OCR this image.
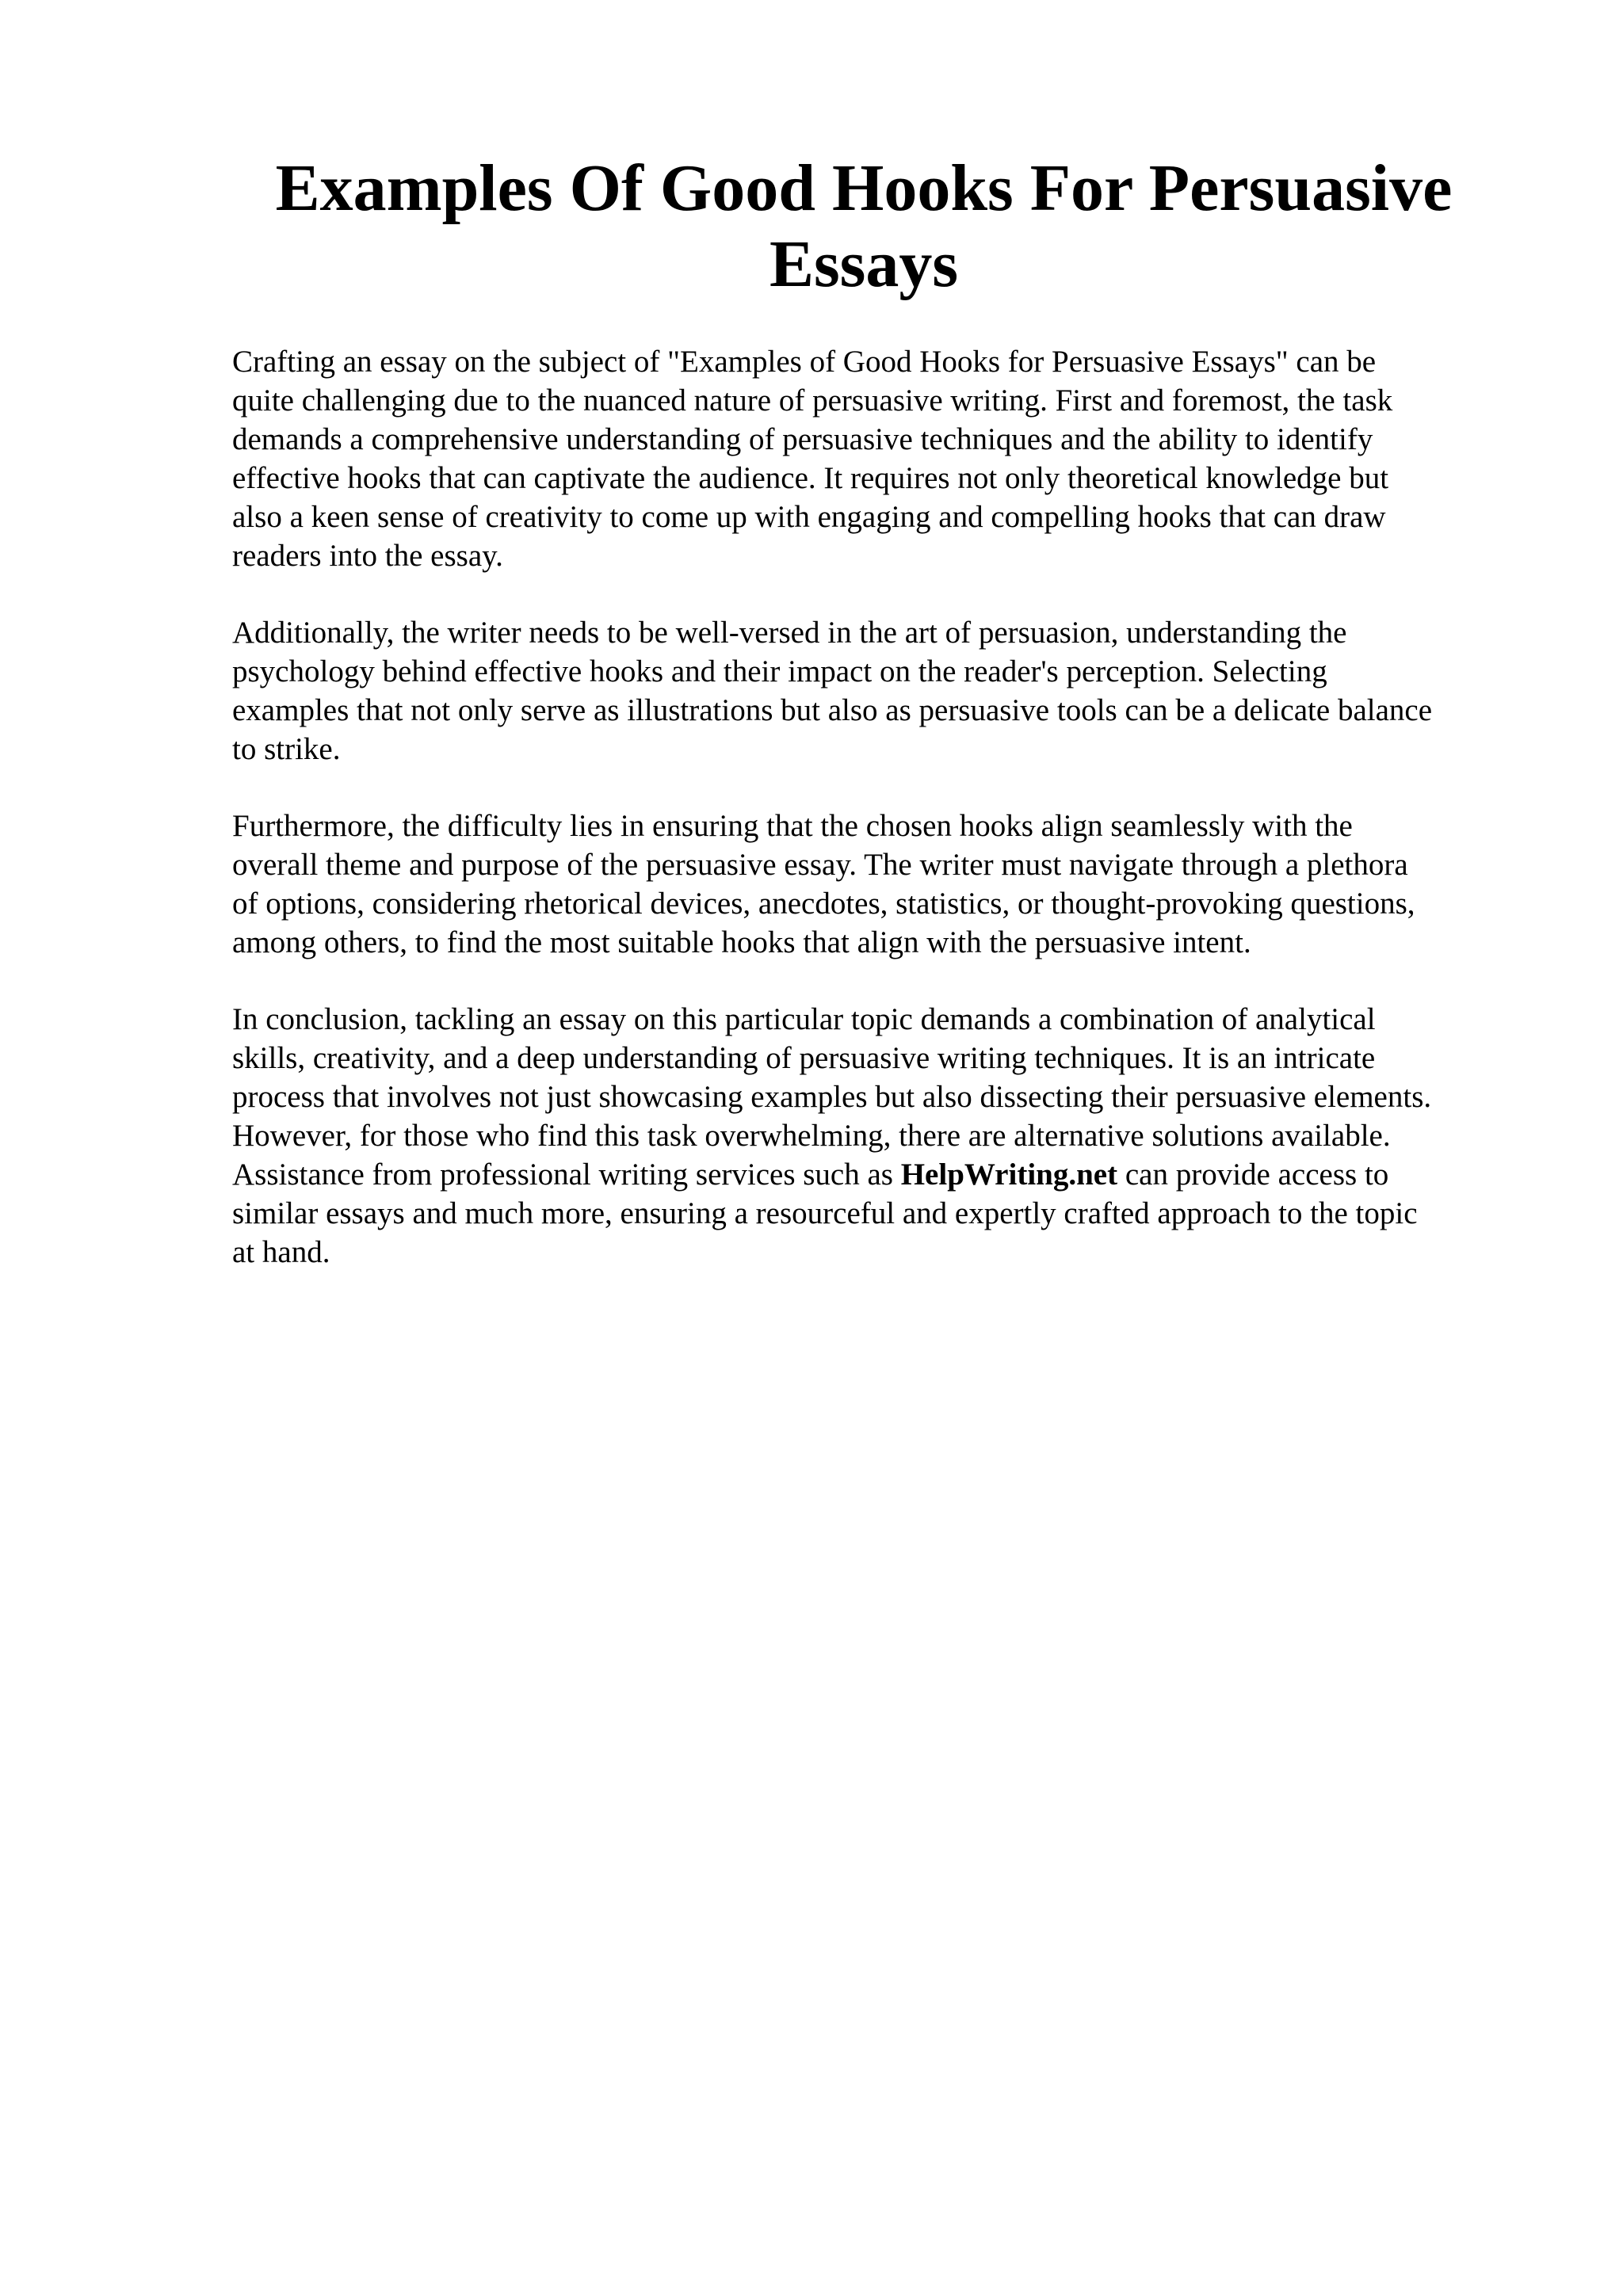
Examples Of Good Hooks For Persuasive
Essays

Crafting an essay on the subject of "Examples of Good Hooks for Persuasive Essays" can be
quite challenging due to the nuanced nature of persuasive writing. First and foremost, the task
demands a comprehensive understanding of persuasive techniques and the ability to identify
effective hooks that can captivate the audience. It requires not only theoretical knowledge but
also a keen sense of creativity to come up with engaging and compelling hooks that can draw
readers into the essay.

Additionally, the writer needs to be well-versed in the art of persuasion, understanding the
psychology behind effective hooks and their impact on the reader's perception. Selecting
examples that not only serve as illustrations but also as persuasive tools can be a delicate balance
to strike.

Furthermore, the difficulty lies in ensuring that the chosen hooks align seamlessly with the
overall theme and purpose of the persuasive essay. The writer must navigate through a plethora
of options, considering rhetorical devices, anecdotes, statistics, or thought-provoking questions,
among others, to find the most suitable hooks that align with the persuasive intent.

In conclusion, tackling an essay on this particular topic demands a combination of analytical
skills, creativity, and a deep understanding of persuasive writing techniques. It is an intricate
process that involves not just showcasing examples but also dissecting their persuasive elements.
However, for those who find this task overwhelming, there are alternative solutions available.
Assistance from professional writing services such as HelpWriting.net can provide access to
similar essays and much more, ensuring a resourceful and expertly crafted approach to the topic
at hand.
